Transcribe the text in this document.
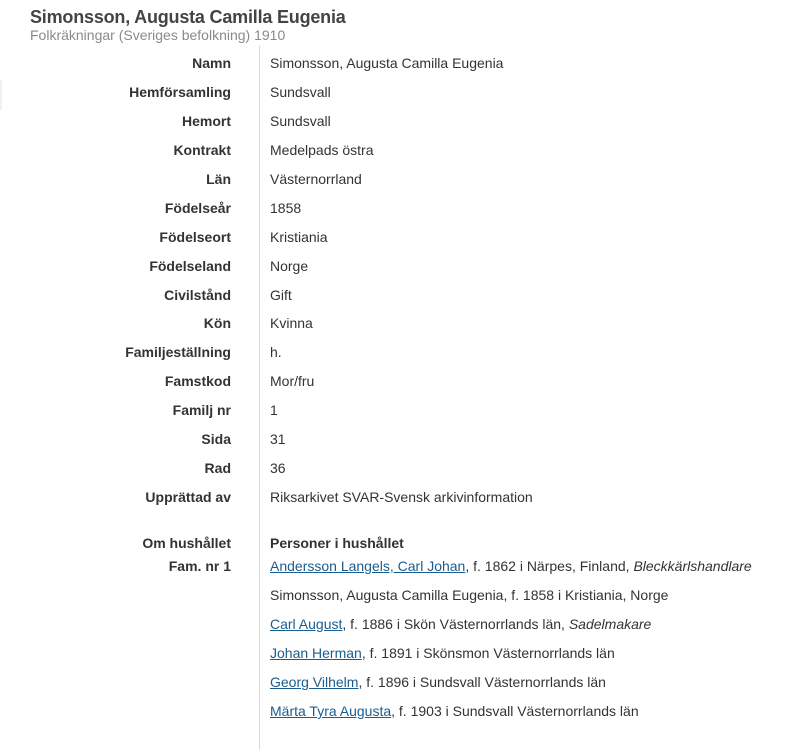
Simonsson, Augusta Camilla Eugenia
Folkräkningar (Sveriges befolkning) 1910
Namn	Simonsson, Augusta Camilla Eugenia
Hemförsamling	Sundsvall
Hemort	Sundsvall
Kontrakt	Medelpads östra
Län	Västernorrland
Födelseår	1858
Födelseort	Kristiania
Födelseland	Norge
Civilstånd	Gift
Kön	Kvinna
Familjeställning	h.
Famstkod	Mor/fru
Familj nr	1
Sida	31
Rad	36
Upprättad av	Riksarkivet SVAR-Svensk arkivinformation
Om hushållet	Personer i hushållet
Fam. nr 1	Andersson Langels, Carl Johan, f. 1862 i Närpes, Finland, Bleckkärlshandlare
Simonsson, Augusta Camilla Eugenia, f. 1858 i Kristiania, Norge
Carl August, f. 1886 i Skön Västernorrlands län, Sadelmakare
Johan Herman, f. 1891 i Skönsmon Västernorrlands län
Georg Vilhelm, f. 1896 i Sundsvall Västernorrlands län
Märta Tyra Augusta, f. 1903 i Sundsvall Västernorrlands län
